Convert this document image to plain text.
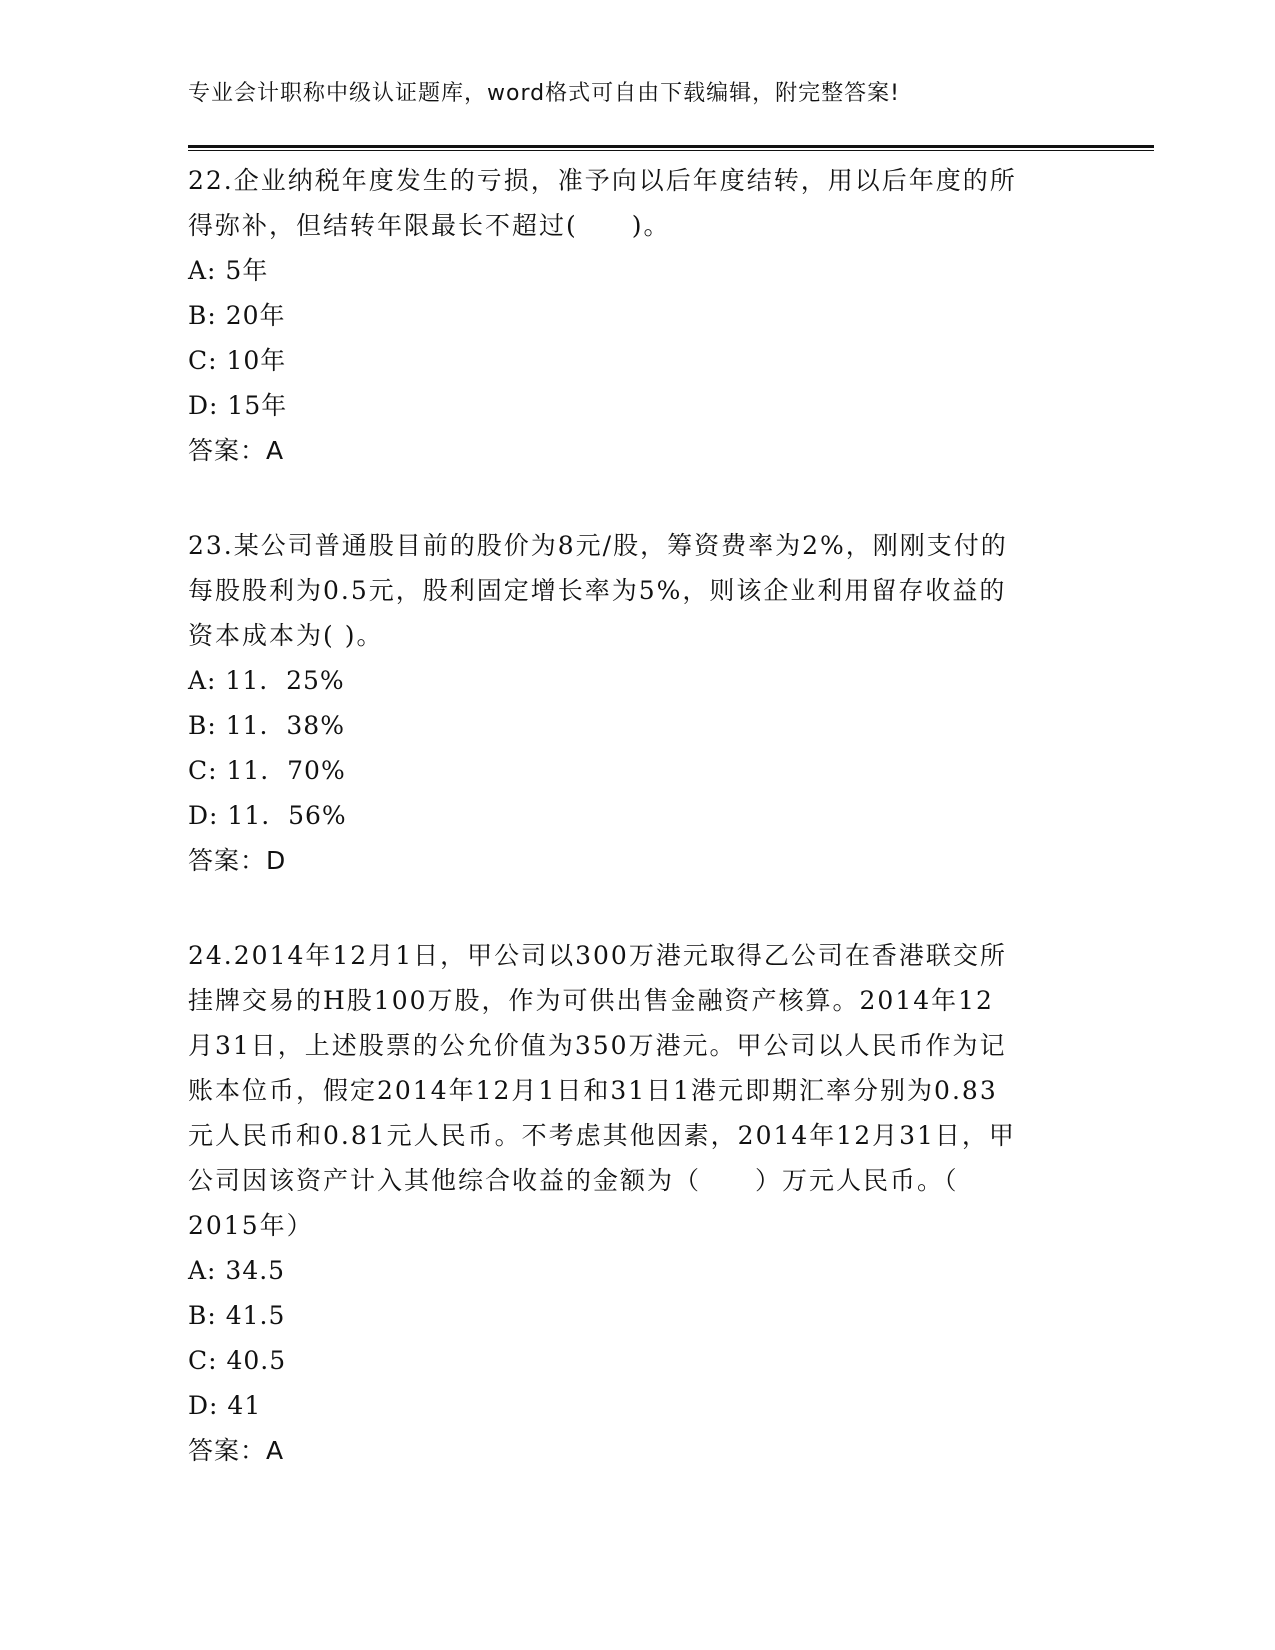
专业会计职称中级认证题库，word格式可自由下载编辑，附完整答案!
22.企业纳税年度发生的亏损，准予向以后年度结转，用以后年度的所
得弥补，但结转年限最长不超过(　　)。
A: 5年
B: 20年
C: 10年
D: 15年
答案：A
23.某公司普通股目前的股价为8元/股，筹资费率为2%，刚刚支付的
每股股利为0.5元，股利固定增长率为5%，则该企业利用留存收益的
资本成本为( )。
A: 11.  25%
B: 11.  38%
C: 11.  70%
D: 11.  56%
答案：D
24.2014年12月1日，甲公司以300万港元取得乙公司在香港联交所
挂牌交易的H股100万股，作为可供出售金融资产核算。2014年12
月31日，上述股票的公允价值为350万港元。甲公司以人民币作为记
账本位币，假定2014年12月1日和31日1港元即期汇率分别为0.83
元人民币和0.81元人民币。不考虑其他因素，2014年12月31日，甲
公司因该资产计入其他综合收益的金额为（　　）万元人民币。（
2015年）
A: 34.5
B: 41.5
C: 40.5
D: 41
答案：A
